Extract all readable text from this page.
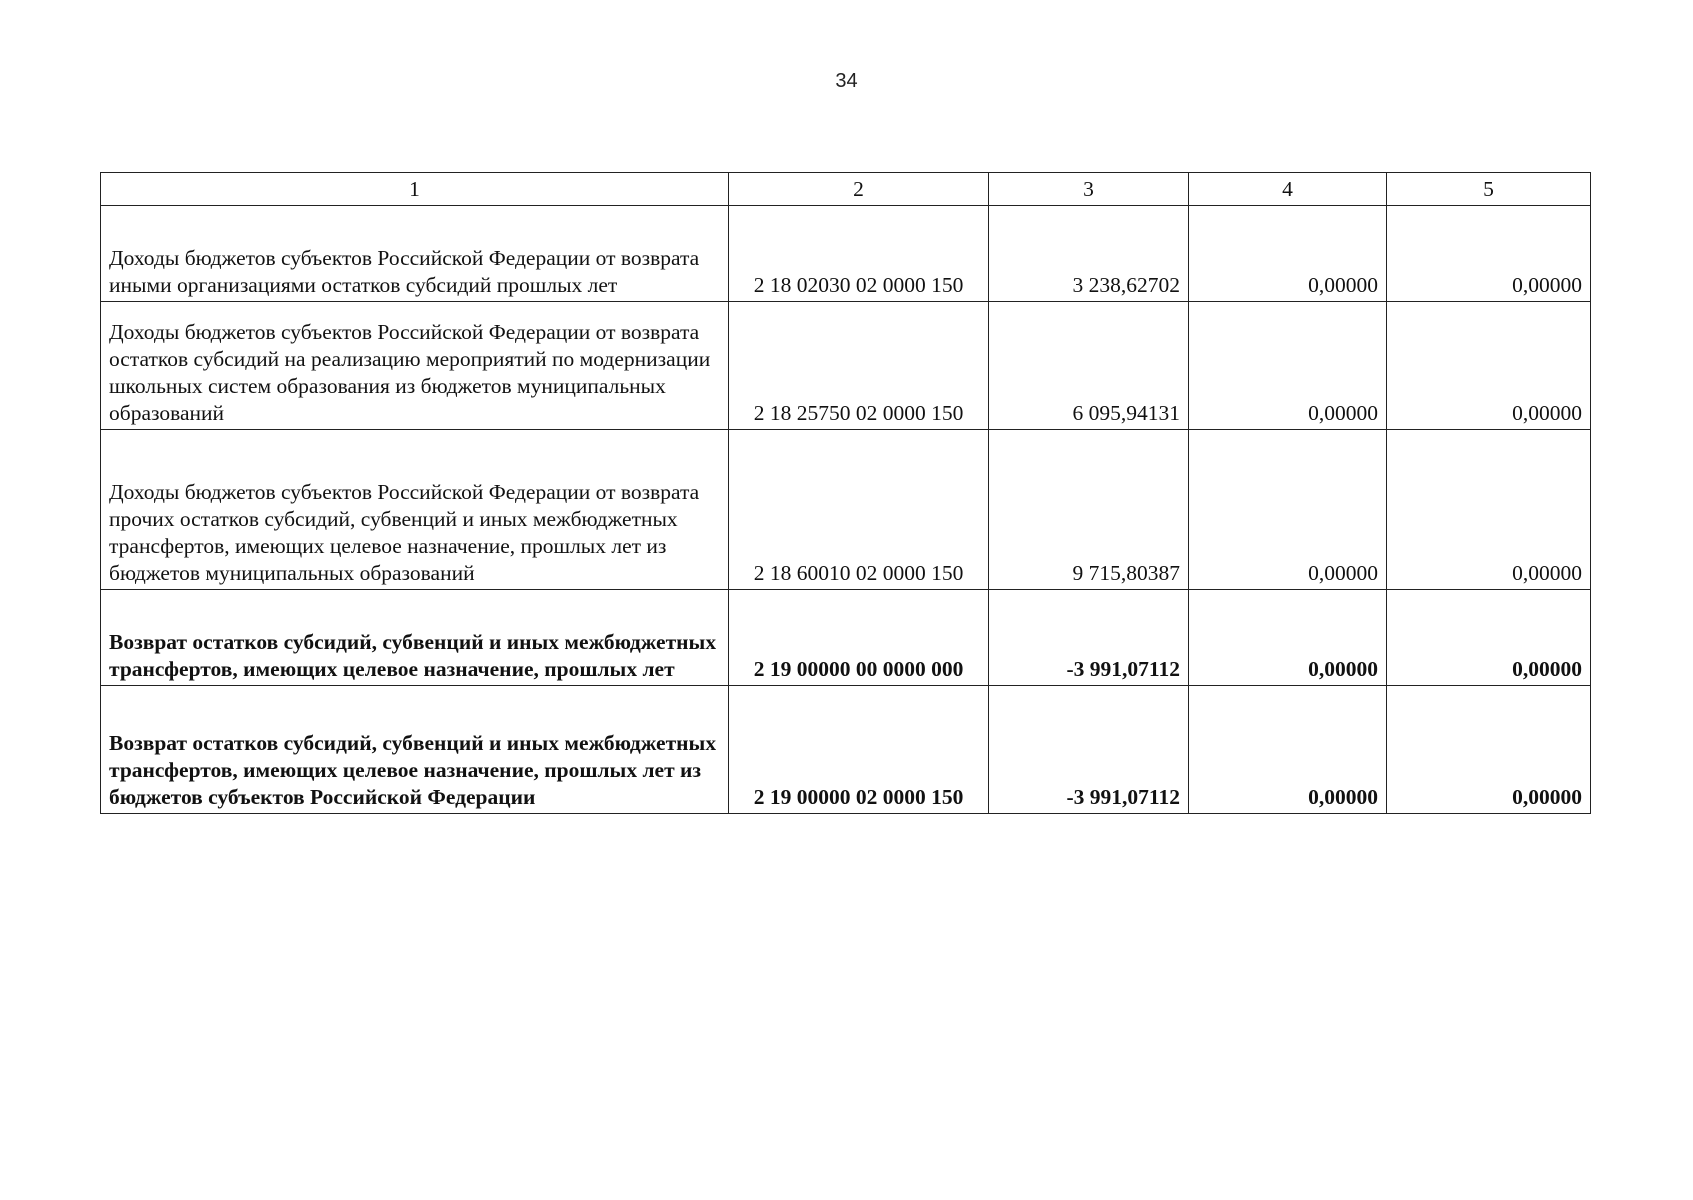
34
1	2	3	4	5
Доходы бюджетов субъектов Российской Федерации от возврата иными организациями остатков субсидий прошлых лет	2 18 02030 02 0000 150	3 238,62702	0,00000	0,00000
Доходы бюджетов субъектов Российской Федерации от возврата остатков субсидий на реализацию мероприятий по модернизации школьных систем образования из бюджетов муниципальных образований	2 18 25750 02 0000 150	6 095,94131	0,00000	0,00000
Доходы бюджетов субъектов Российской Федерации от возврата прочих остатков субсидий, субвенций и иных межбюджетных трансфертов, имеющих целевое назначение, прошлых лет из бюджетов муниципальных образований	2 18 60010 02 0000 150	9 715,80387	0,00000	0,00000
Возврат остатков субсидий, субвенций и иных межбюджетных трансфертов, имеющих целевое назначение, прошлых лет	2 19 00000 00 0000 000	-3 991,07112	0,00000	0,00000
Возврат остатков субсидий, субвенций и иных межбюджетных трансфертов, имеющих целевое назначение, прошлых лет из бюджетов субъектов Российской Федерации	2 19 00000 02 0000 150	-3 991,07112	0,00000	0,00000
